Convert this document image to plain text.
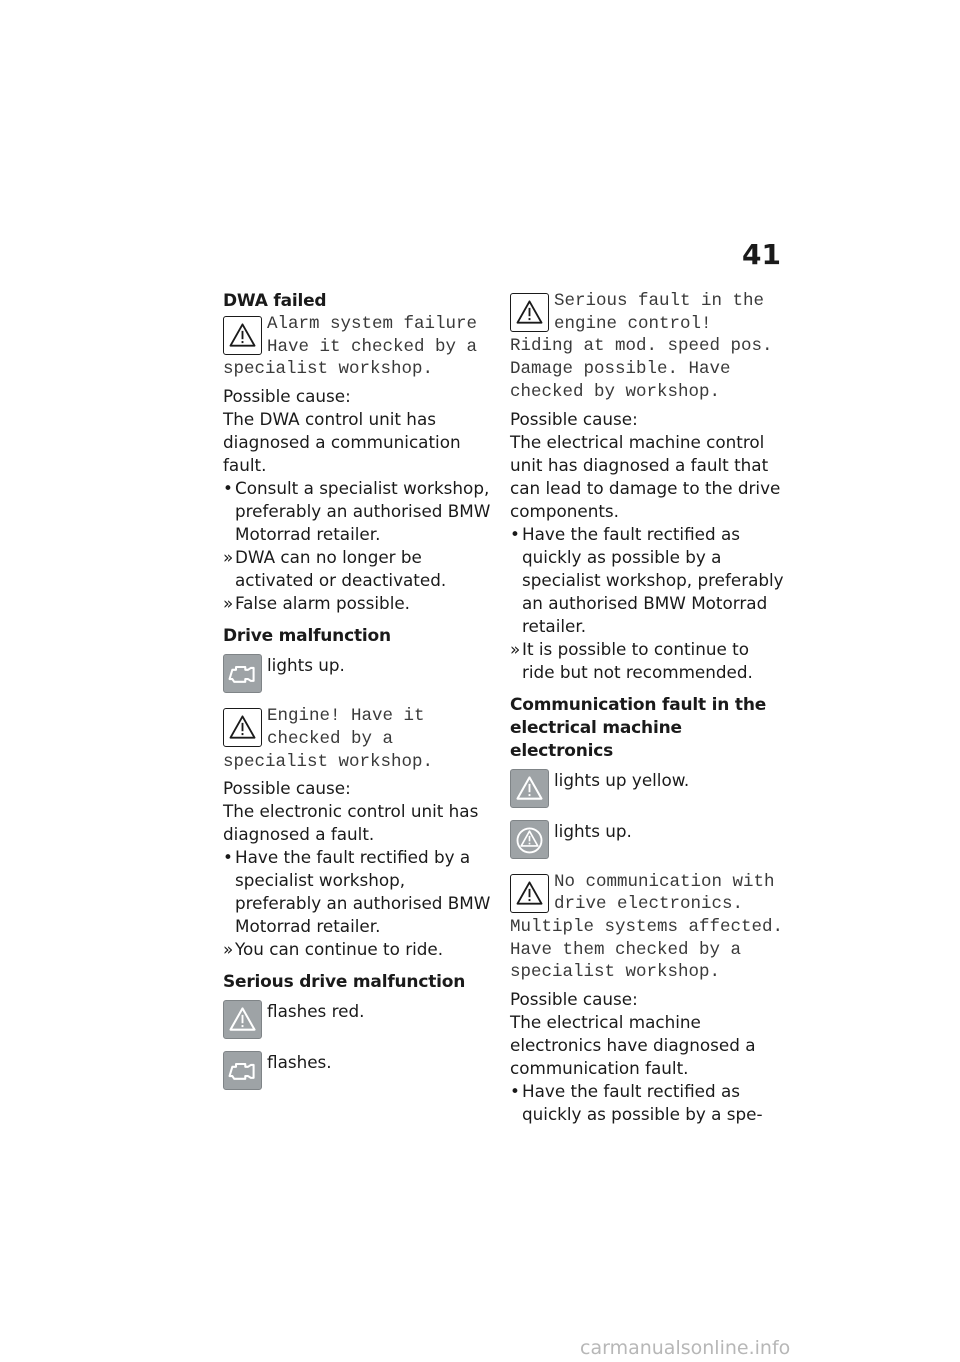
41
DWA failed
Alarm system failure Have it checked by a specialist workshop.
Possible cause:
The DWA control unit has diagnosed a communication fault.
• Consult a specialist workshop, preferably an authorised BMW Motorrad retailer.
» DWA can no longer be activated or deactivated.
» False alarm possible.
Drive malfunction
lights up.
Engine! Have it checked by a specialist workshop.
Possible cause:
The electronic control unit has diagnosed a fault.
• Have the fault rectified by a specialist workshop, preferably an authorised BMW Motorrad retailer.
» You can continue to ride.
Serious drive malfunction
flashes red.
flashes.
Serious fault in the engine control! Riding at mod. speed pos. Damage possible. Have checked by workshop.
Possible cause:
The electrical machine control unit has diagnosed a fault that can lead to damage to the drive components.
• Have the fault rectified as quickly as possible by a specialist workshop, preferably an authorised BMW Motorrad retailer.
» It is possible to continue to ride but not recommended.
Communication fault in the electrical machine electronics
lights up yellow.
lights up.
No communication with drive electronics. Multiple systems affected. Have them checked by a specialist workshop.
Possible cause:
The electrical machine electronics have diagnosed a communication fault.
• Have the fault rectified as quickly as possible by a spe-
carmanualsonline.info
